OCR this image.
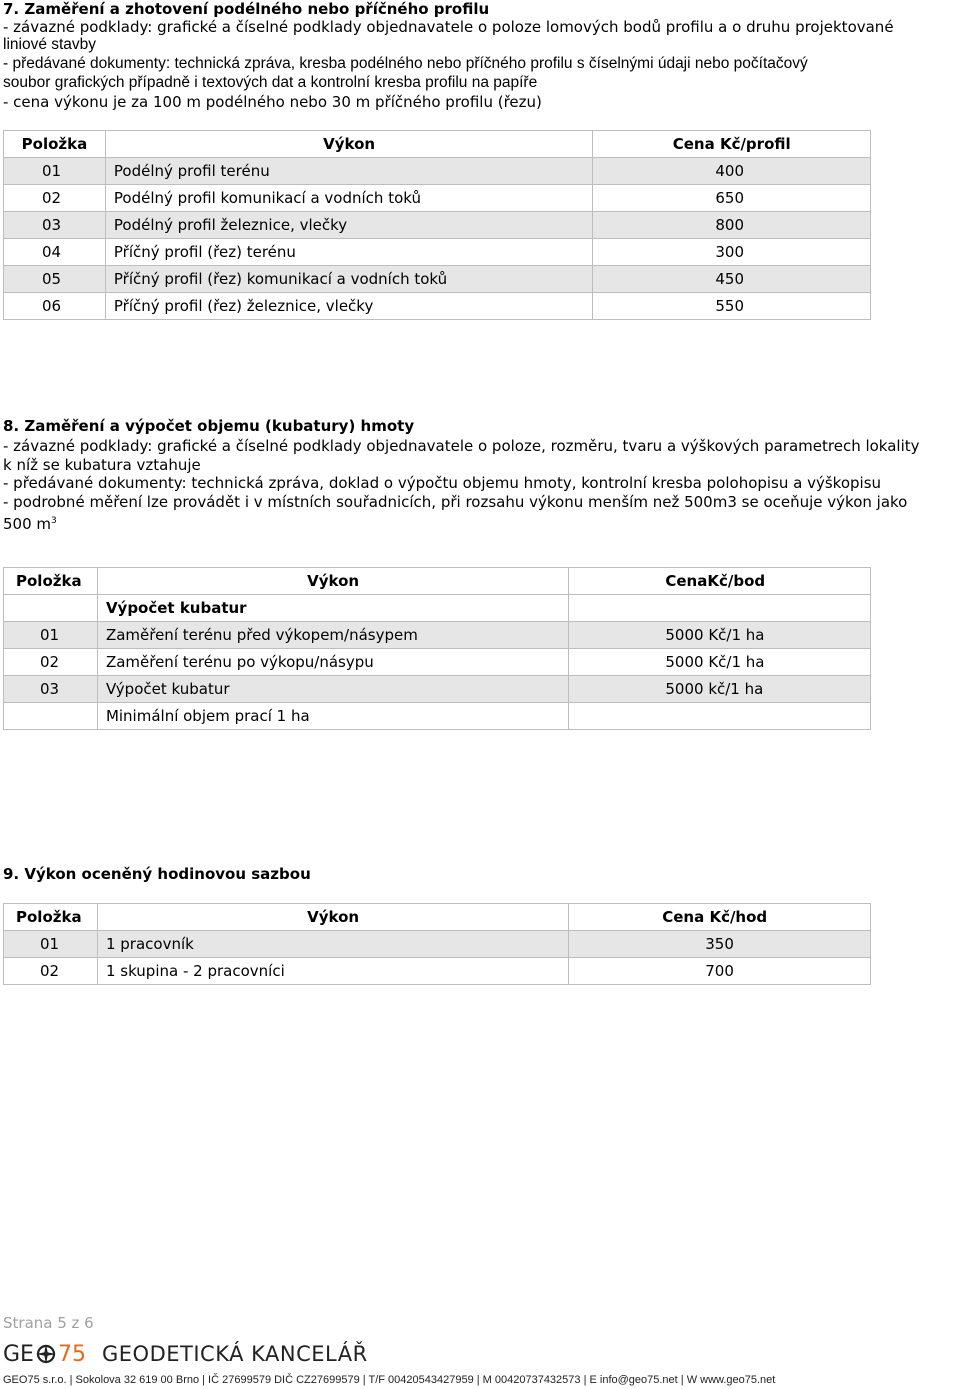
7. Zaměření a zhotovení podélného nebo příčného profilu
- závazné podklady: grafické a číselné podklady objednavatele o poloze lomových bodů profilu a o druhu projektované
liniové stavby
- předávané dokumenty: technická zpráva, kresba podélného nebo příčného profilu s číselnými údaji nebo počítačový
soubor grafických případně i textových dat a kontrolní kresba profilu na papíře
- cena výkonu je za 100 m podélného nebo 30 m příčného profilu (řezu)
Položka	Výkon	Cena Kč/profil
01	Podélný profil terénu	400
02	Podélný profil komunikací a vodních toků	650
03	Podélný profil železnice, vlečky	800
04	Příčný profil (řez) terénu	300
05	Příčný profil (řez) komunikací a vodních toků	450
06	Příčný profil (řez) železnice, vlečky	550
8. Zaměření a výpočet objemu (kubatury) hmoty
- závazné podklady: grafické a číselné podklady objednavatele o poloze, rozměru, tvaru a výškových parametrech lokality
k níž se kubatura vztahuje
- předávané dokumenty: technická zpráva, doklad o výpočtu objemu hmoty, kontrolní kresba polohopisu a výškopisu
- podrobné měření lze provádět i v místních souřadnicích, při rozsahu výkonu menším než 500m3 se oceňuje výkon jako
500 $m^3$
Položka	Výkon	CenaKč/bod
	Výpočet kubatur	
01	Zaměření terénu před výkopem/násypem	5000 Kč/1 ha
02	Zaměření terénu po výkopu/násypu	5000 Kč/1 ha
03	Výpočet kubatur	5000 kč/1 ha
	Minimální objem prací 1 ha	
9. Výkon oceněný hodinovou sazbou
Položka	Výkon	Cena Kč/hod
01	1 pracovník	350
02	1 skupina - 2 pracovníci	700
Strana 5 z 6
GE 75 GEODETICKÁ KANCELÁŘ
GEO75 s.r.o. | Sokolova 32 619 00 Brno | IČ 27699579 DIČ CZ27699579 | T/F 00420543427959 | M 00420737432573 | E info@geo75.net | W www.geo75.net
